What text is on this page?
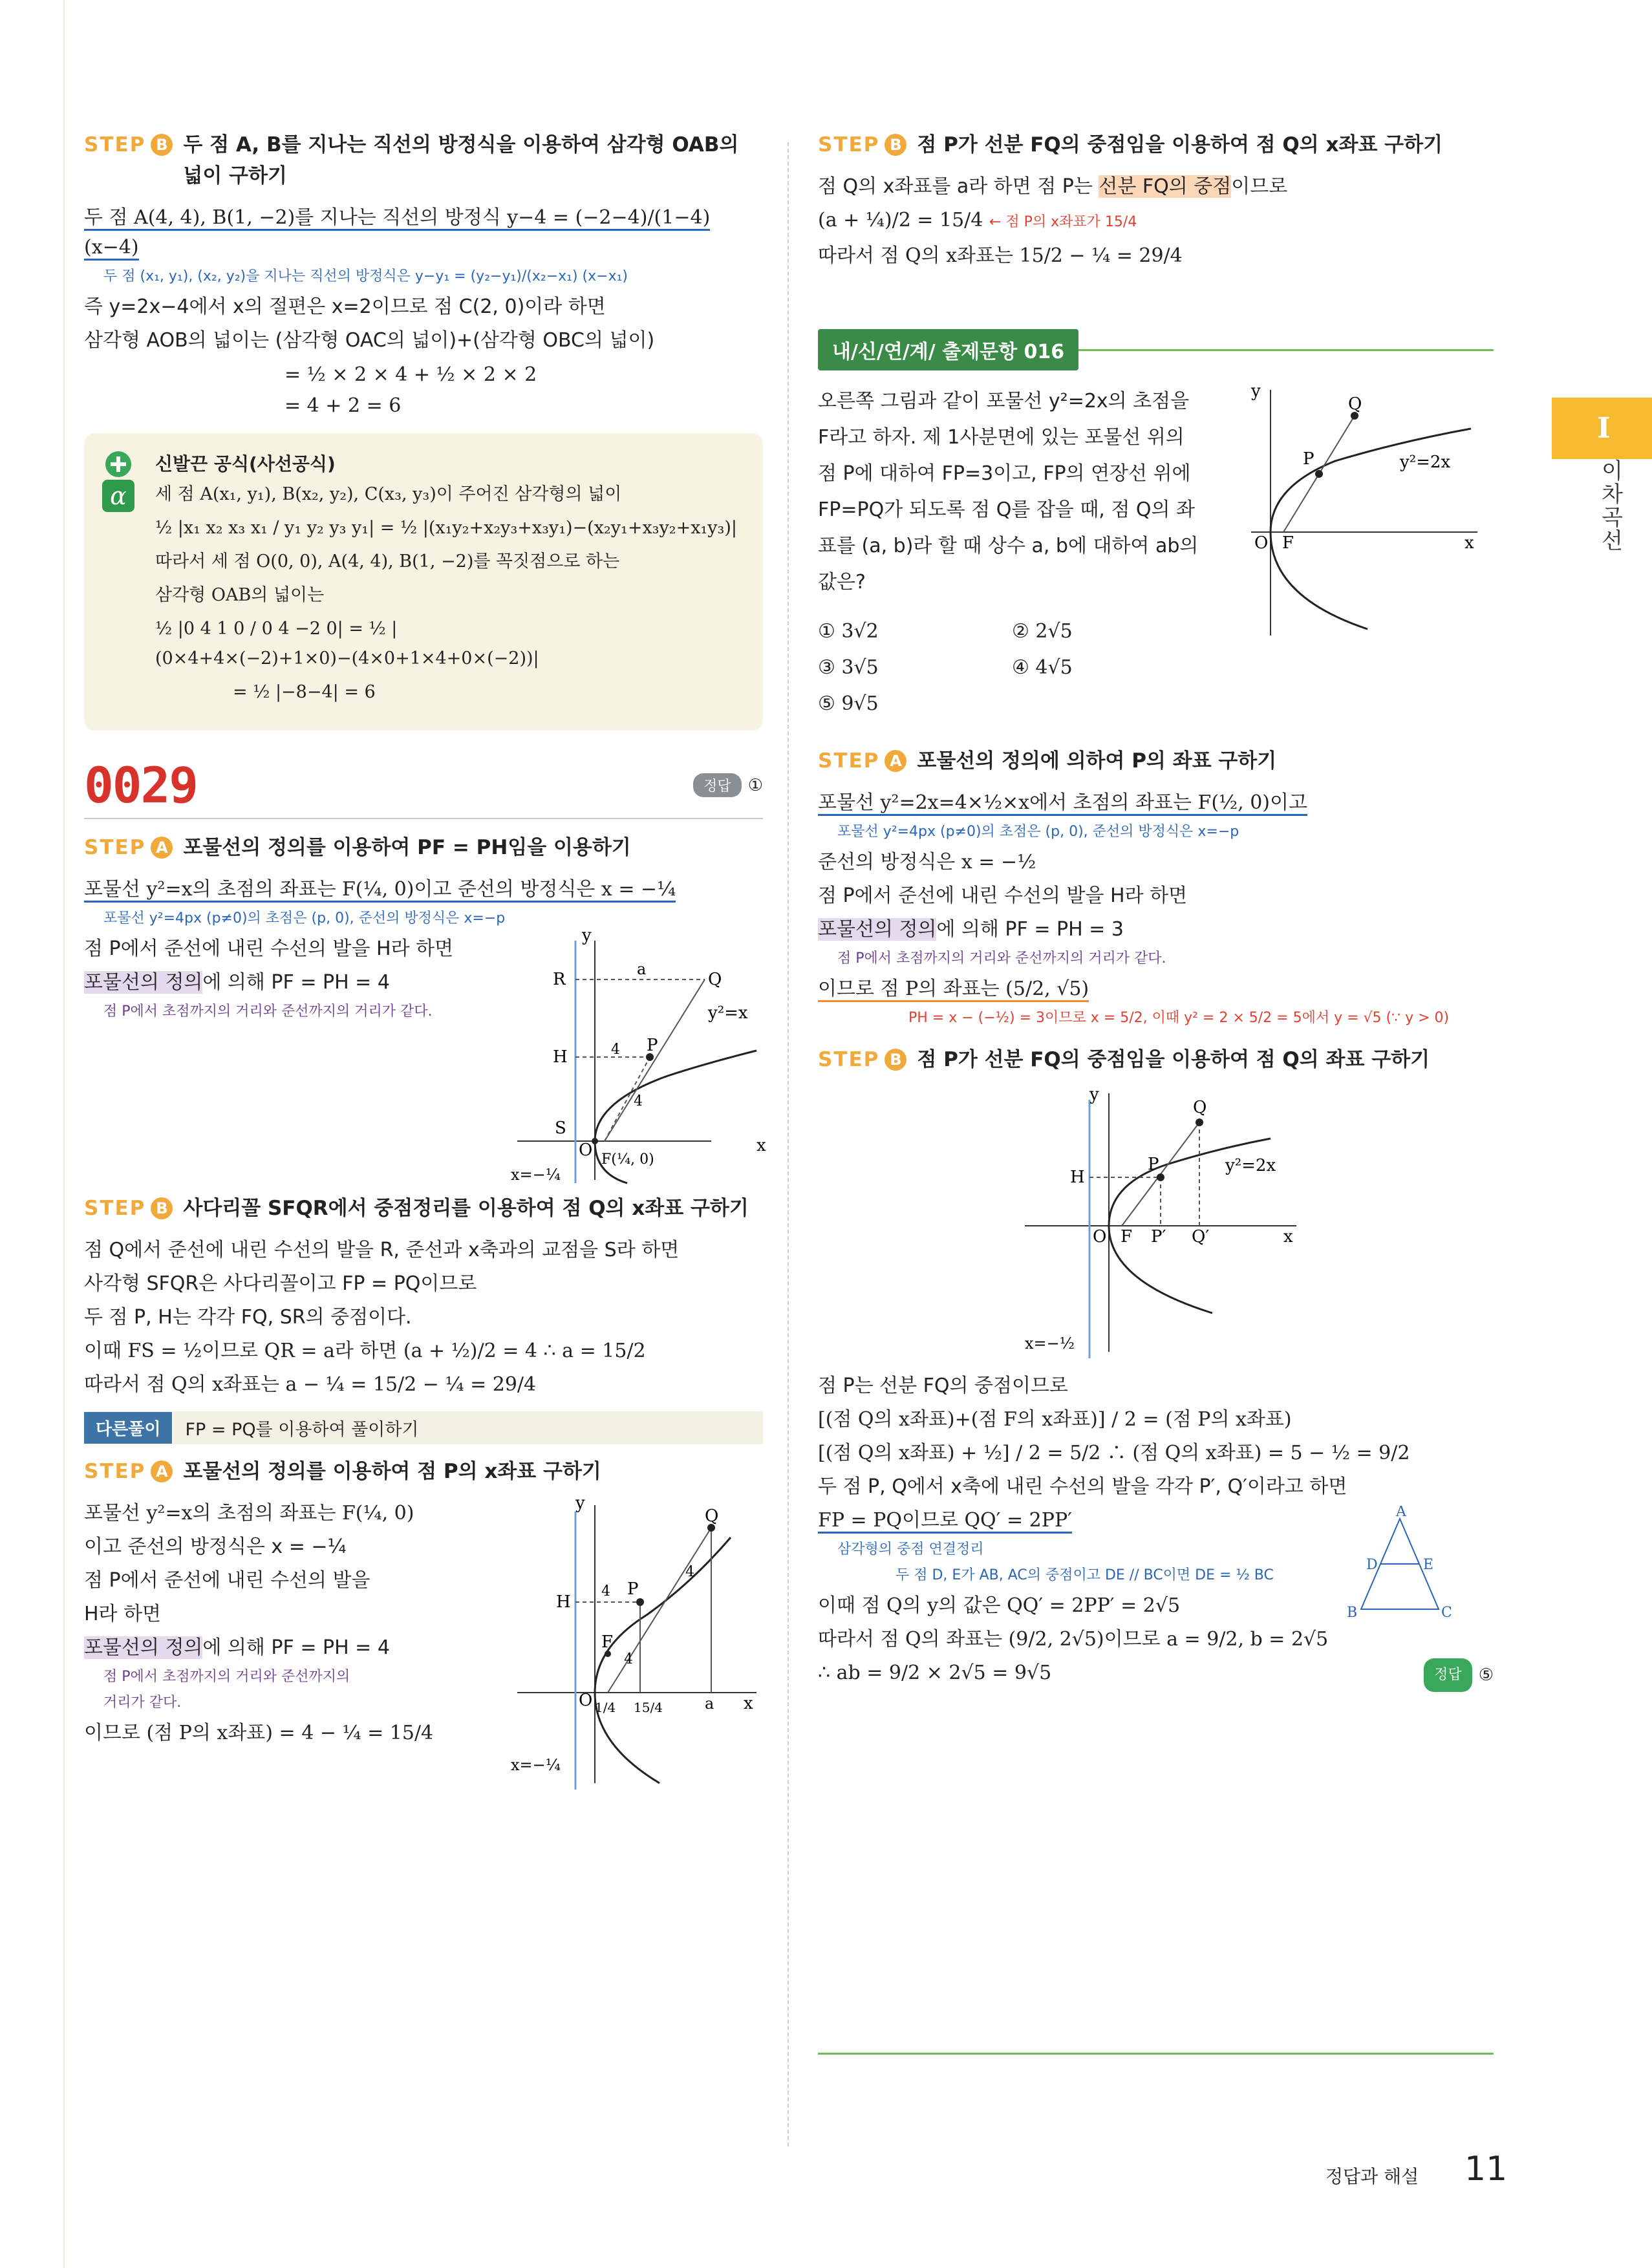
I
이차곡선
STEP B 두 점 A, B를 지나는 직선의 방정식을 이용하여 삼각형 OAB의 넓이 구하기

두 점 A(4, 4), B(1, −2)를 지나는 직선의 방정식 y−4 = (−2−4)/(1−4) (x−4)

두 점 (x₁, y₁), (x₂, y₂)을 지나는 직선의 방정식은 y−y₁ = (y₂−y₁)/(x₂−x₁) (x−x₁)

즉 y=2x−4에서 x의 절편은 x=2이므로 점 C(2, 0)이라 하면

삼각형 AOB의 넓이는 (삼각형 OAC의 넓이)+(삼각형 OBC의 넓이)

= ½ × 2 × 4 + ½ × 2 × 2
= 4 + 2 = 6
α
신발끈 공식(사선공식)
세 점 A(x₁, y₁), B(x₂, y₂), C(x₃, y₃)이 주어진 삼각형의 넓이
½ |x₁ x₂ x₃ x₁ / y₁ y₂ y₃ y₁| = ½ |(x₁y₂+x₂y₃+x₃y₁)−(x₂y₁+x₃y₂+x₁y₃)|
따라서 세 점 O(0, 0), A(4, 4), B(1, −2)를 꼭짓점으로 하는
삼각형 OAB의 넓이는
½ |0 4 1 0 / 0 4 −2 0| = ½ |(0×4+4×(−2)+1×0)−(4×0+1×4+0×(−2))|
= ½ |−8−4| = 6
0029	정답	①
STEP A 포물선의 정의를 이용하여 PF = PH임을 이용하기

포물선 y²=x의 초점의 좌표는 F(¼, 0)이고 준선의 방정식은 x = −¼

포물선 y²=4px (p≠0)의 초점은 (p, 0), 준선의 방정식은 x=−p

점 P에서 준선에 내린 수선의 발을 H라 하면

포물선의 정의에 의해 PF = PH = 4

점 P에서 초점까지의 거리와 준선까지의 거리가 같다.
y
x
R
a
Q
H	4 P
y²=x
4
S
O F(¼, 0)
x=−¼
STEP B 사다리꼴 SFQR에서 중점정리를 이용하여 점 Q의 x좌표 구하기

점 Q에서 준선에 내린 수선의 발을 R, 준선과 x축과의 교점을 S라 하면

사각형 SFQR은 사다리꼴이고 FP = PQ이므로

두 점 P, H는 각각 FQ, SR의 중점이다.

이때 FS = ½이므로 QR = a라 하면 (a + ½)/2 = 4 ∴ a = 15/2

따라서 점 Q의 x좌표는 a − ¼ = 15/2 − ¼ = 29/4

다른풀이	FP = PQ를 이용하여 풀이하기
STEP A 포물선의 정의를 이용하여 점 P의 x좌표 구하기

포물선 y²=x의 초점의 좌표는 F(¼, 0)

이고 준선의 방정식은 x = −¼

점 P에서 준선에 내린 수선의 발을

H라 하면

포물선의 정의에 의해 PF = PH = 4

점 P에서 초점까지의 거리와 준선까지의
거리가 같다.

이므로 (점 P의 x좌표) = 4 − ¼ = 15/4

y
Q
H
4 P
4
F
4
O 1/4 15/4	a x
x=−¼
STEP B 점 P가 선분 FQ의 중점임을 이용하여 점 Q의 x좌표 구하기

점 Q의 x좌표를 a라 하면 점 P는 선분 FQ의 중점이므로

(a + ¼)/2 = 15/4 ← 점 P의 x좌표가 15/4

따라서 점 Q의 x좌표는 15/2 − ¼ = 29/4

내/신/연/계/ 출제문항 016
오른쪽 그림과 같이 포물선 y²=2x의 초점을 F라고 하자. 제 1사분면에 있는 포물선 위의 점 P에 대하여 FP=3이고, FP의 연장선 위에 FP=PQ가 되도록 점 Q를 잡을 때, 점 Q의 좌표를 (a, b)라 할 때 상수 a, b에 대하여 ab의 값은?
① 3√2	② 2√5
③ 3√5	④ 4√5
⑤ 9√5
y
Q
P	y²=2x
O F	x
STEP A 포물선의 정의에 의하여 P의 좌표 구하기

포물선 y²=2x=4×½×x에서 초점의 좌표는 F(½, 0)이고

포물선 y²=4px (p≠0)의 초점은 (p, 0), 준선의 방정식은 x=−p

준선의 방정식은 x = −½

점 P에서 준선에 내린 수선의 발을 H라 하면

포물선의 정의에 의해 PF = PH = 3

점 P에서 초점까지의 거리와 준선까지의 거리가 같다.

이므로 점 P의 좌표는 (5/2, √5)

PH = x − (−½) = 3이므로 x = 5/2, 이때 y² = 2 × 5/2 = 5에서 y = √5 (∵ y > 0)
STEP B 점 P가 선분 FQ의 중점임을 이용하여 점 Q의 좌표 구하기
y
Q
H
P	y²=2x
O F P′ Q′	x
x=−½

점 P는 선분 FQ의 중점이므로

[(점 Q의 x좌표)+(점 F의 x좌표)] / 2 = (점 P의 x좌표)

[(점 Q의 x좌표) + ½] / 2 = 5/2 ∴ (점 Q의 x좌표) = 5 − ½ = 9/2

두 점 P, Q에서 x축에 내린 수선의 발을 각각 P′, Q′이라고 하면

FP = PQ이므로 QQ′ = 2PP′

삼각형의 중점 연결정리
두 점 D, E가 AB, AC의 중점이고 DE // BC이면 DE = ½ BC
A
D	E
B	C

이때 점 Q의 y의 값은 QQ′ = 2PP′ = 2√5

따라서 점 Q의 좌표는 (9/2, 2√5)이므로 a = 9/2, b = 2√5

∴ ab = 9/2 × 2√5 = 9√5	정답	⑤

정답과 해설 11
